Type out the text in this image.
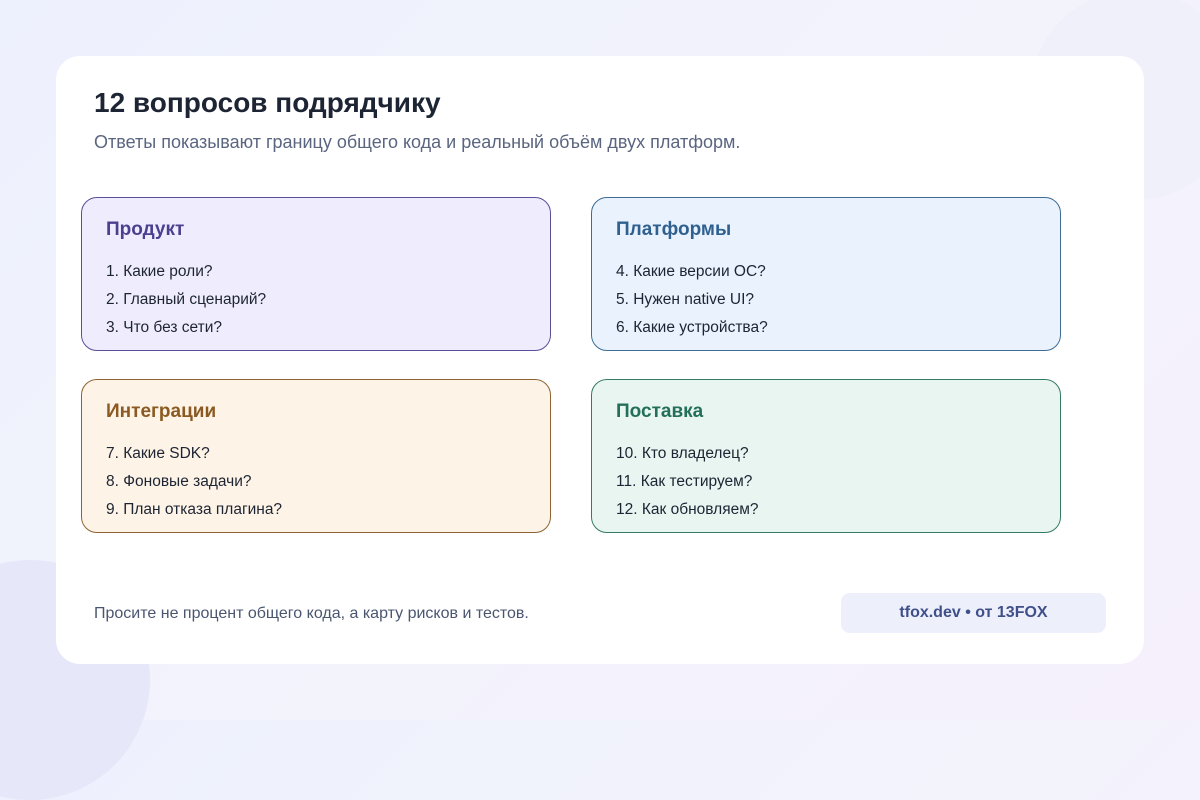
12 вопросов подрядчику

Ответы показывают границу общего кода и реальный объём двух платформ.

Продукт
1. Какие роли?
2. Главный сценарий?
3. Что без сети?
Платформы
4. Какие версии ОС?
5. Нужен native UI?
6. Какие устройства?
Интеграции
7. Какие SDK?
8. Фоновые задачи?
9. План отказа плагина?
Поставка
10. Кто владелец?
11. Как тестируем?
12. Как обновляем?

Просите не процент общего кода, а карту рисков и тестов.	tfox.dev • от 13FOX
